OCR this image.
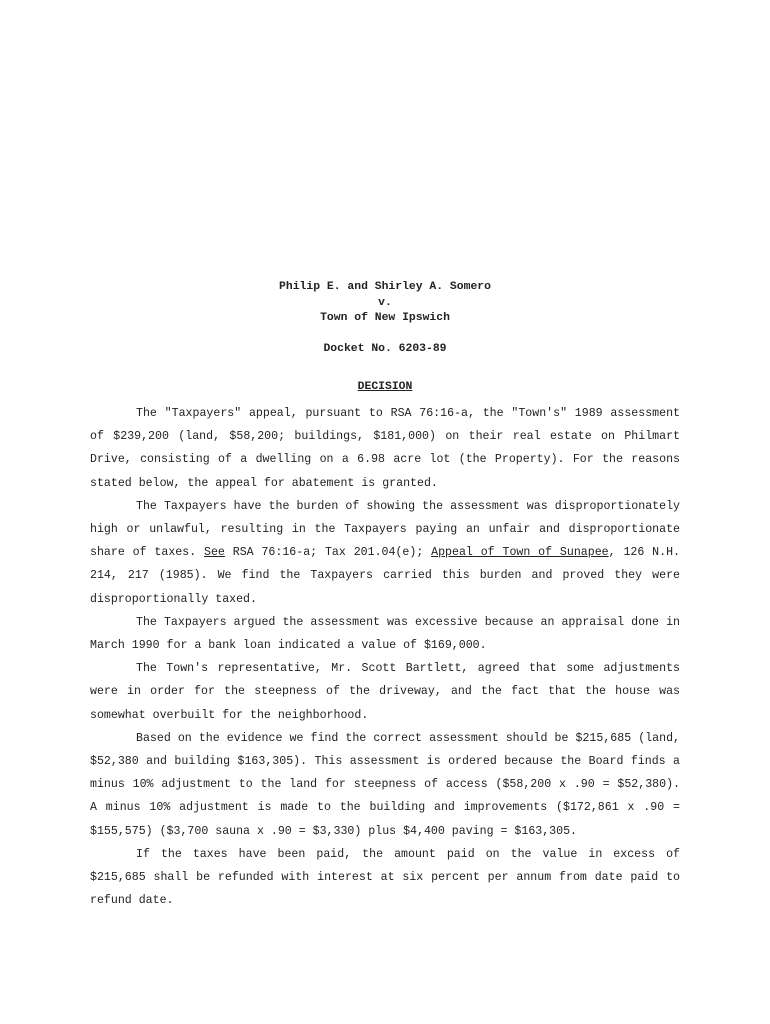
Philip E. and Shirley A. Somero
v.
Town of New Ipswich
Docket No. 6203-89
DECISION

The "Taxpayers" appeal, pursuant to RSA 76:16-a, the "Town's" 1989 assessment of $239,200 (land, $58,200; buildings, $181,000) on their real estate on Philmart Drive, consisting of a dwelling on a 6.98 acre lot (the Property). For the reasons stated below, the appeal for abatement is granted.

The Taxpayers have the burden of showing the assessment was disproportionately high or unlawful, resulting in the Taxpayers paying an unfair and disproportionate share of taxes. See RSA 76:16-a; Tax 201.04(e); Appeal of Town of Sunapee, 126 N.H. 214, 217 (1985). We find the Taxpayers carried this burden and proved they were disproportionally taxed.

The Taxpayers argued the assessment was excessive because an appraisal done in March 1990 for a bank loan indicated a value of $169,000.

The Town's representative, Mr. Scott Bartlett, agreed that some adjustments were in order for the steepness of the driveway, and the fact that the house was somewhat overbuilt for the neighborhood.

Based on the evidence we find the correct assessment should be $215,685 (land, $52,380 and building $163,305). This assessment is ordered because the Board finds a minus 10% adjustment to the land for steepness of access ($58,200 x .90 = $52,380). A minus 10% adjustment is made to the building and improvements ($172,861 x .90 = $155,575) ($3,700 sauna x .90 = $3,330) plus $4,400 paving = $163,305.

If the taxes have been paid, the amount paid on the value in excess of $215,685 shall be refunded with interest at six percent per annum from date paid to refund date.
